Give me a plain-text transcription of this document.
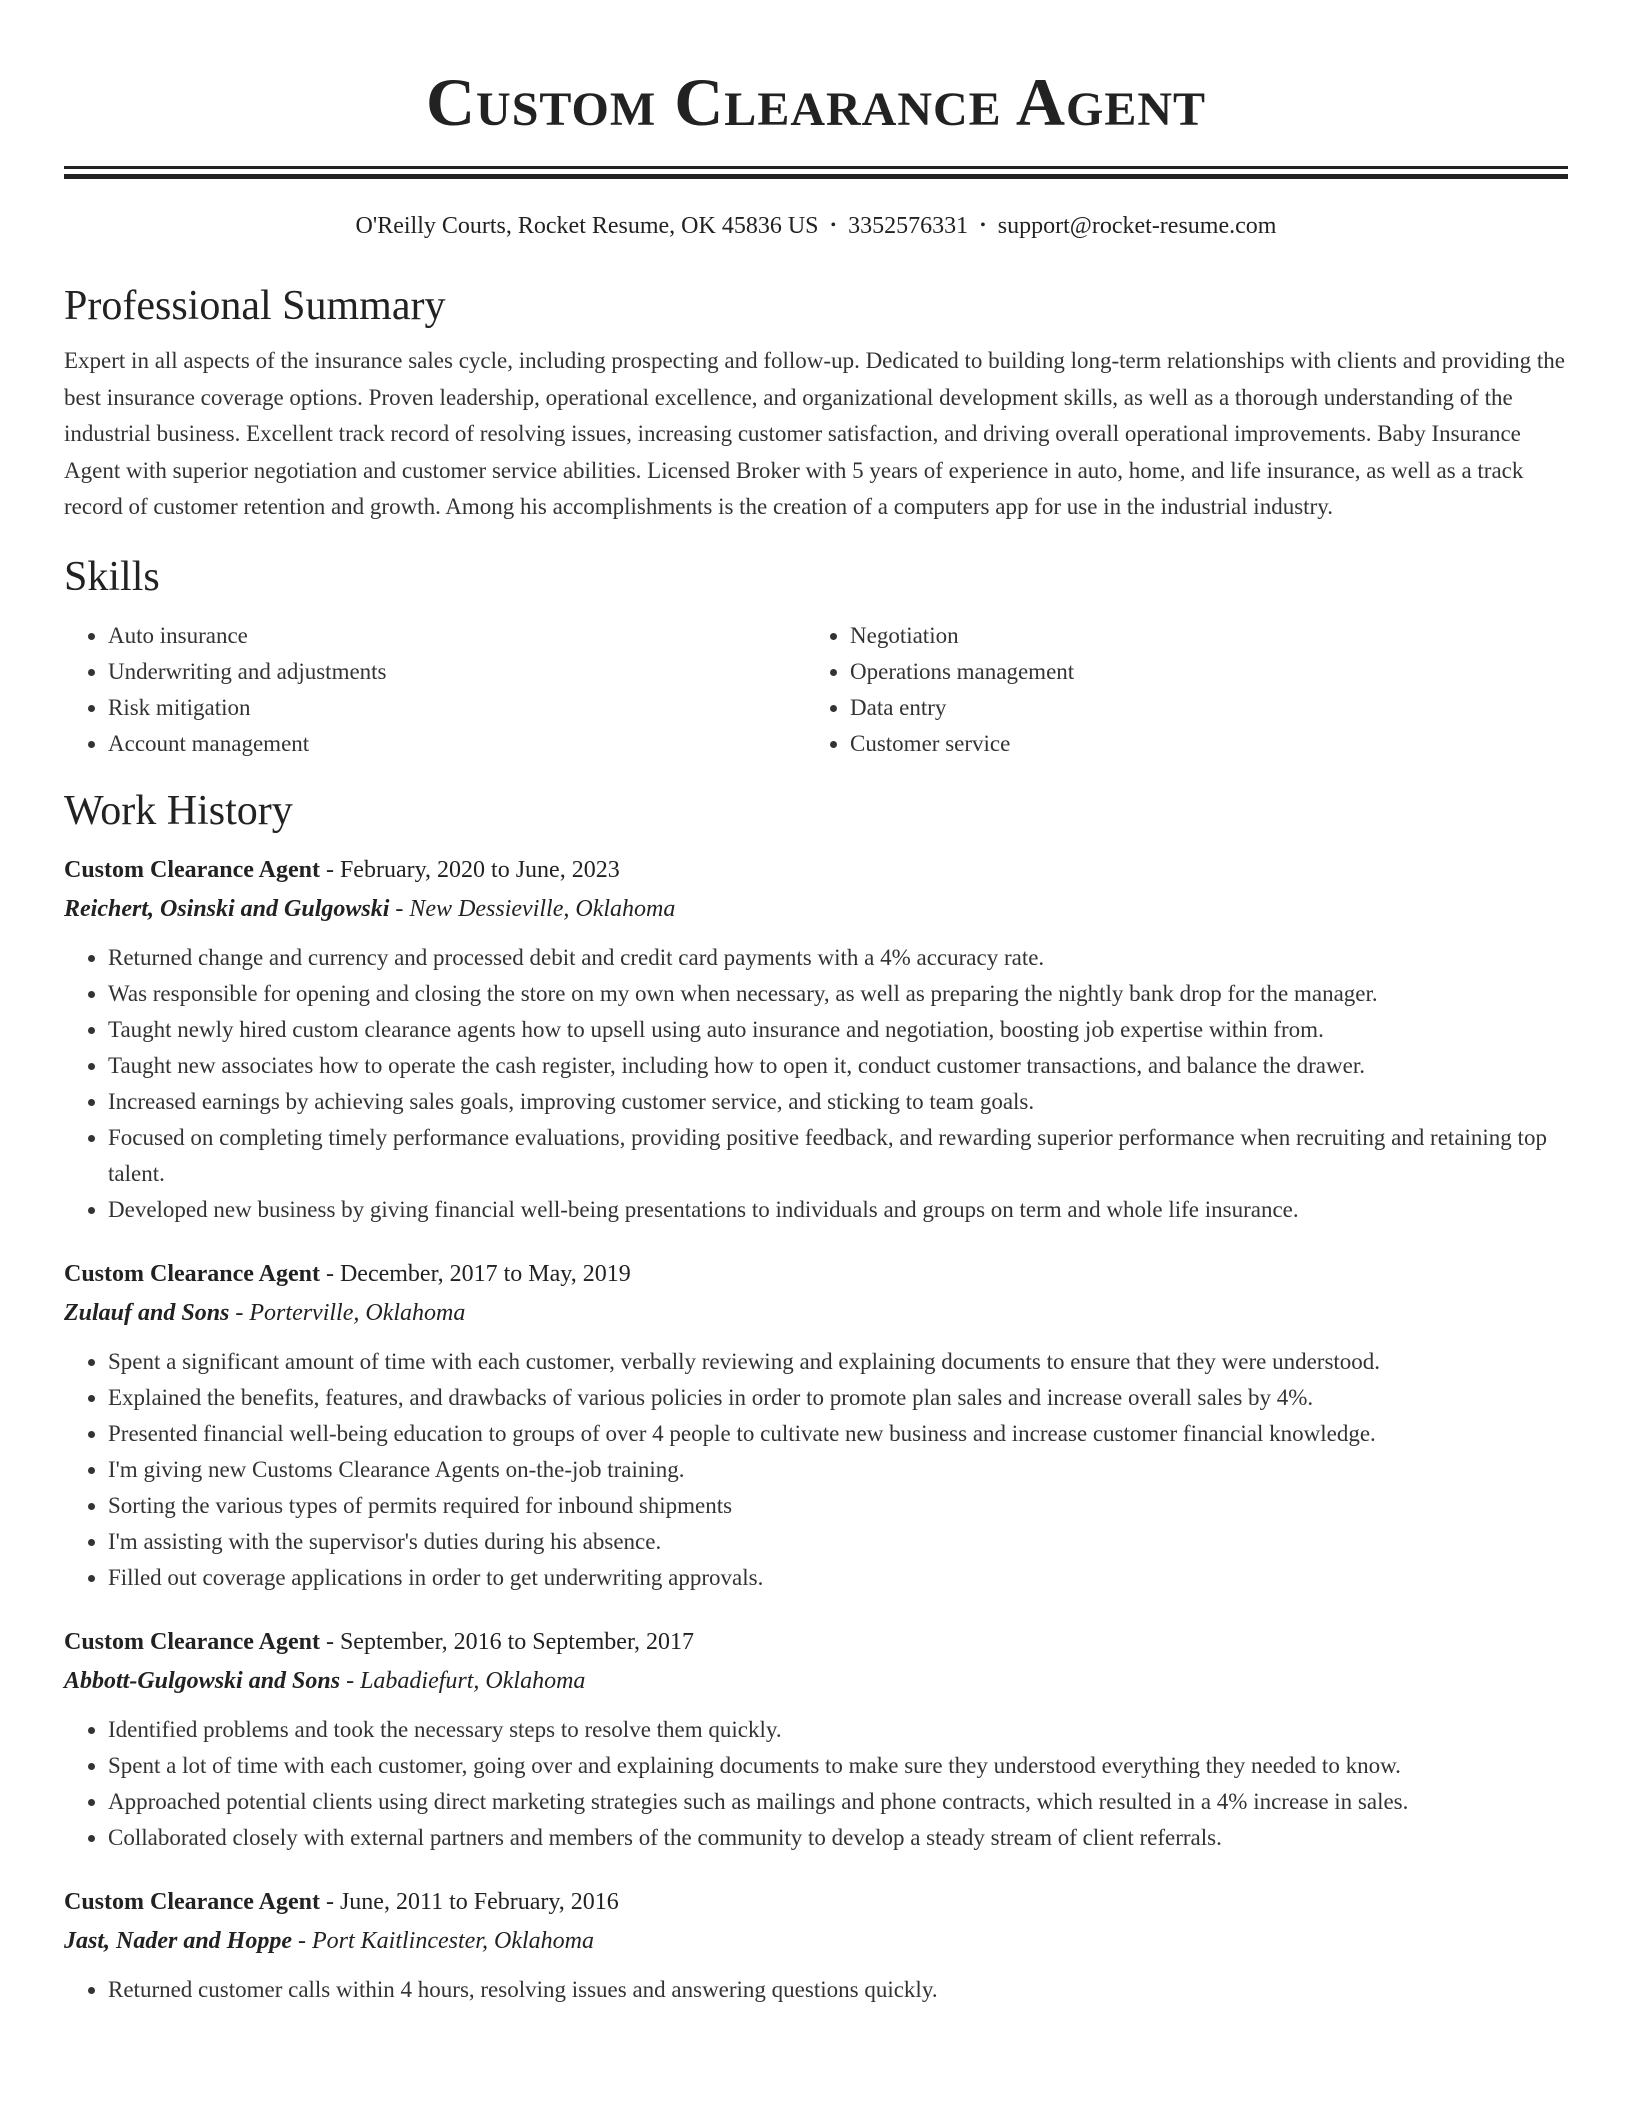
Custom Clearance Agent
O'Reilly Courts, Rocket Resume, OK 45836 US • 3352576331 • support@rocket-resume.com
Professional Summary
Expert in all aspects of the insurance sales cycle, including prospecting and follow-up. Dedicated to building long-term relationships with clients and providing the best insurance coverage options. Proven leadership, operational excellence, and organizational development skills, as well as a thorough understanding of the industrial business. Excellent track record of resolving issues, increasing customer satisfaction, and driving overall operational improvements. Baby Insurance Agent with superior negotiation and customer service abilities. Licensed Broker with 5 years of experience in auto, home, and life insurance, as well as a track record of customer retention and growth. Among his accomplishments is the creation of a computers app for use in the industrial industry.
Skills
• Auto insurance
• Underwriting and adjustments
• Risk mitigation
• Account management
• Negotiation
• Operations management
• Data entry
• Customer service
Work History
Custom Clearance Agent - February, 2020 to June, 2023
Reichert, Osinski and Gulgowski - New Dessieville, Oklahoma
• Returned change and currency and processed debit and credit card payments with a 4% accuracy rate.
• Was responsible for opening and closing the store on my own when necessary, as well as preparing the nightly bank drop for the manager.
• Taught newly hired custom clearance agents how to upsell using auto insurance and negotiation, boosting job expertise within from.
• Taught new associates how to operate the cash register, including how to open it, conduct customer transactions, and balance the drawer.
• Increased earnings by achieving sales goals, improving customer service, and sticking to team goals.
• Focused on completing timely performance evaluations, providing positive feedback, and rewarding superior performance when recruiting and retaining top talent.
• Developed new business by giving financial well-being presentations to individuals and groups on term and whole life insurance.
Custom Clearance Agent - December, 2017 to May, 2019
Zulauf and Sons - Porterville, Oklahoma
• Spent a significant amount of time with each customer, verbally reviewing and explaining documents to ensure that they were understood.
• Explained the benefits, features, and drawbacks of various policies in order to promote plan sales and increase overall sales by 4%.
• Presented financial well-being education to groups of over 4 people to cultivate new business and increase customer financial knowledge.
• I'm giving new Customs Clearance Agents on-the-job training.
• Sorting the various types of permits required for inbound shipments
• I'm assisting with the supervisor's duties during his absence.
• Filled out coverage applications in order to get underwriting approvals.
Custom Clearance Agent - September, 2016 to September, 2017
Abbott-Gulgowski and Sons - Labadiefurt, Oklahoma
• Identified problems and took the necessary steps to resolve them quickly.
• Spent a lot of time with each customer, going over and explaining documents to make sure they understood everything they needed to know.
• Approached potential clients using direct marketing strategies such as mailings and phone contracts, which resulted in a 4% increase in sales.
• Collaborated closely with external partners and members of the community to develop a steady stream of client referrals.
Custom Clearance Agent - June, 2011 to February, 2016
Jast, Nader and Hoppe - Port Kaitlincester, Oklahoma
• Returned customer calls within 4 hours, resolving issues and answering questions quickly.
